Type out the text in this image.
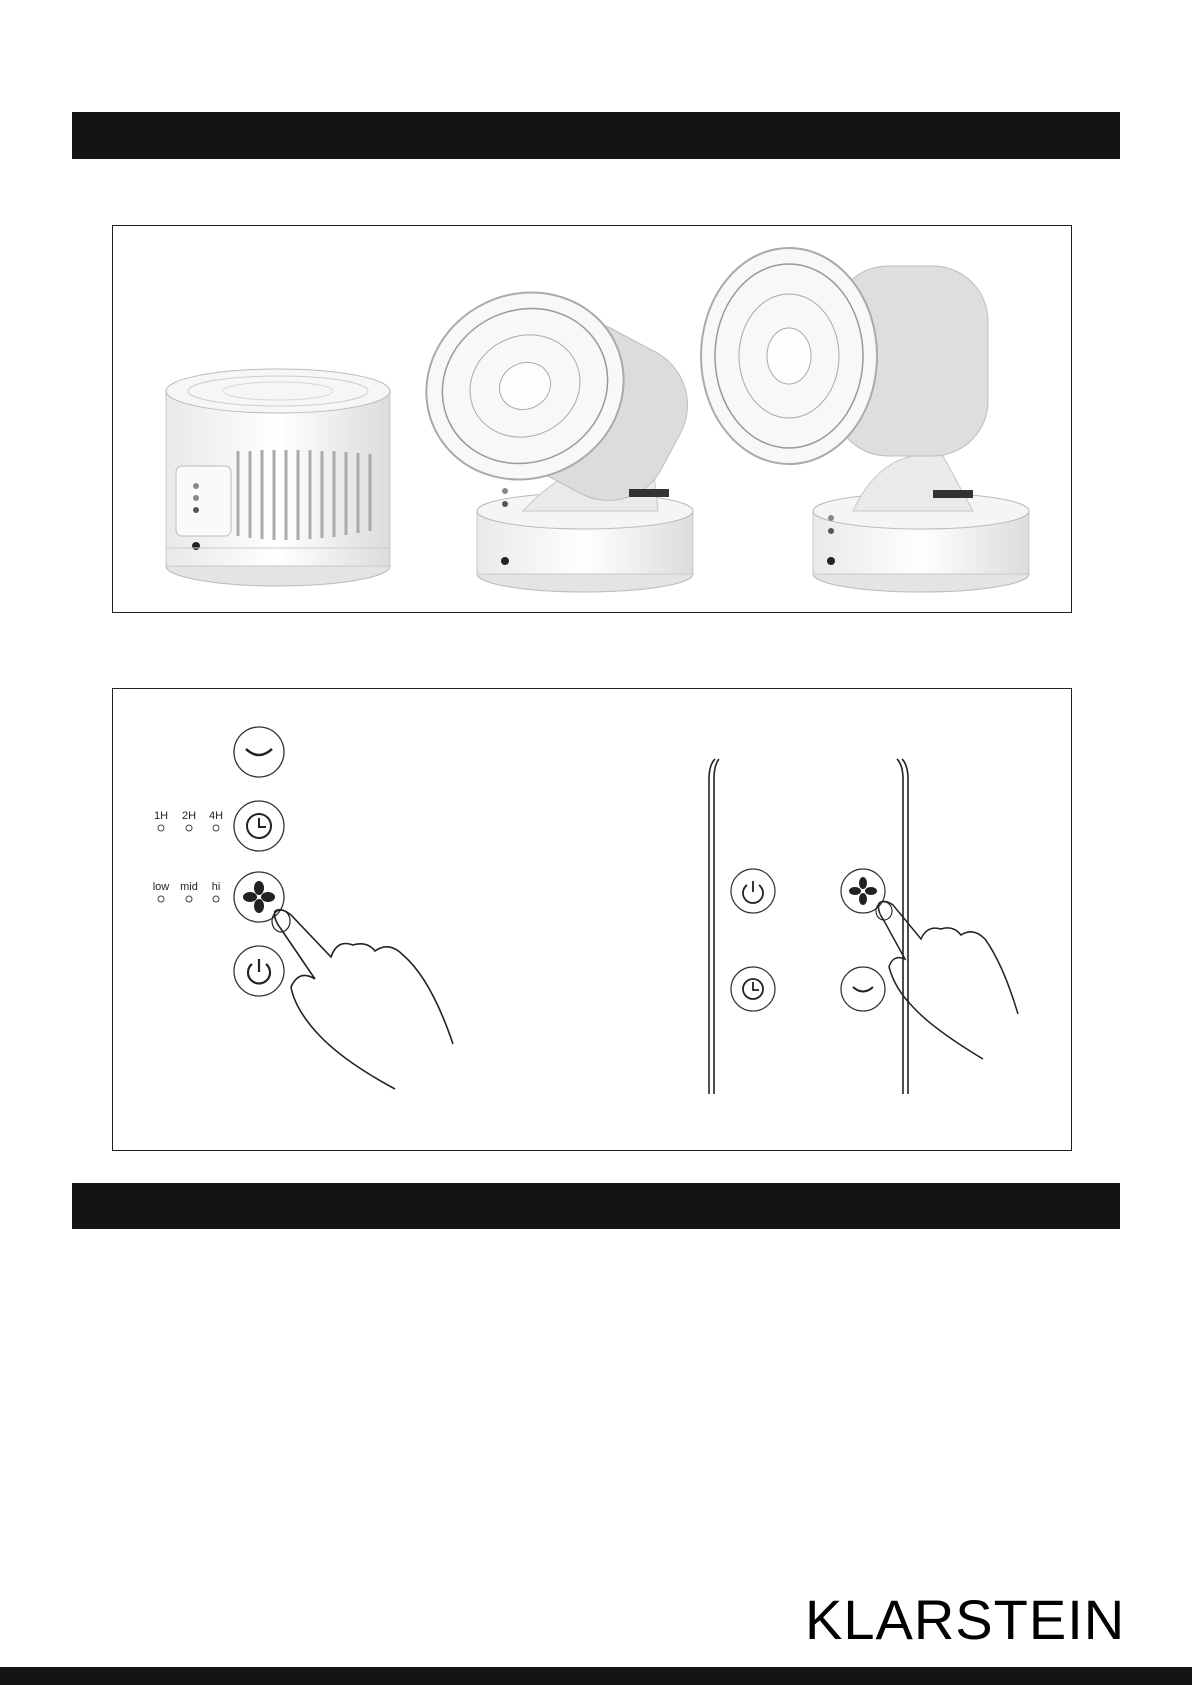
1H 2H 4H
low mid hi
KLARSTEIN
